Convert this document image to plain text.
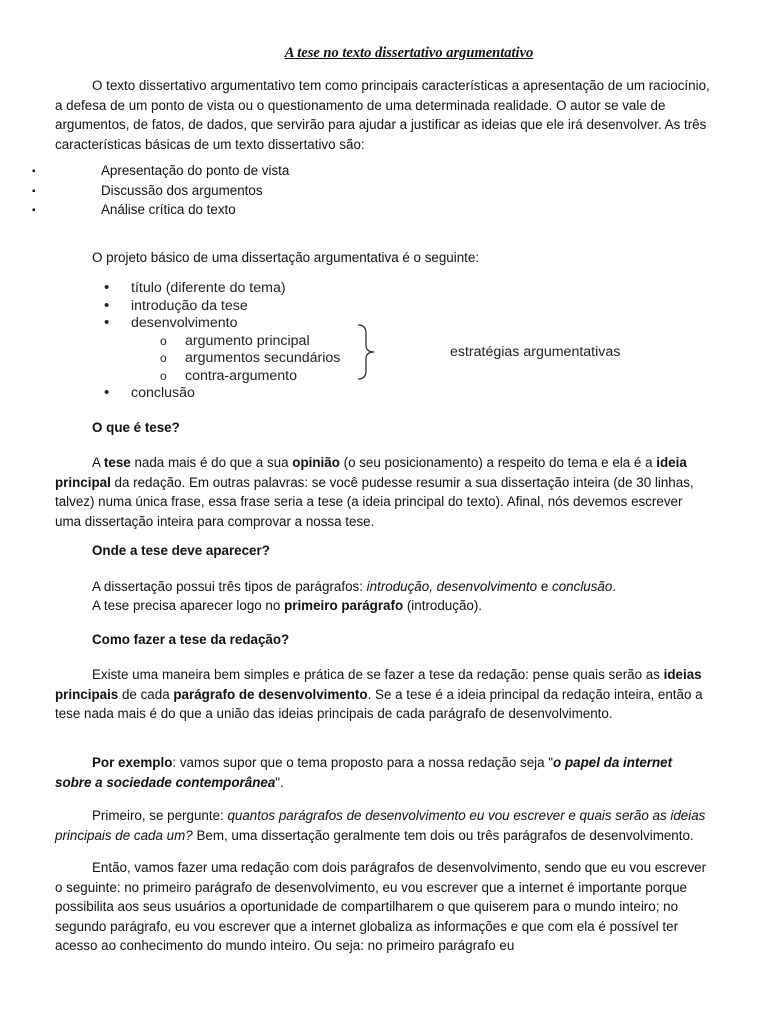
A tese no texto dissertativo argumentativo

O texto dissertativo argumentativo tem como principais características a apresentação de um raciocínio, a defesa de um ponto de vista ou o questionamento de uma determinada realidade. O autor se vale de argumentos, de fatos, de dados, que servirão para ajudar a justificar as ideias que ele irá desenvolver. As três características básicas de um texto dissertativo são:

▪	Apresentação do ponto de vista
▪	Discussão dos argumentos
▪	Análise crítica do texto

O projeto básico de uma dissertação argumentativa é o seguinte:

• título (diferente do tema)
• introdução da tese
• desenvolvimento
o argumento principal
o argumentos secundários
o contra-argumento
• conclusão
estratégias argumentativas

O que é tese?

A tese nada mais é do que a sua opinião (o seu posicionamento) a respeito do tema e ela é a ideia principal da redação. Em outras palavras: se você pudesse resumir a sua dissertação inteira (de 30 linhas, talvez) numa única frase, essa frase seria a tese (a ideia principal do texto). Afinal, nós devemos escrever uma dissertação inteira para comprovar a nossa tese.

Onde a tese deve aparecer?

A dissertação possui três tipos de parágrafos: introdução, desenvolvimento e conclusão.

A tese precisa aparecer logo no primeiro parágrafo (introdução).

Como fazer a tese da redação?

Existe uma maneira bem simples e prática de se fazer a tese da redação: pense quais serão as ideias principais de cada parágrafo de desenvolvimento. Se a tese é a ideia principal da redação inteira, então a tese nada mais é do que a união das ideias principais de cada parágrafo de desenvolvimento.

Por exemplo: vamos supor que o tema proposto para a nossa redação seja "o papel da internet sobre a sociedade contemporânea".

Primeiro, se pergunte: quantos parágrafos de desenvolvimento eu vou escrever e quais serão as ideias principais de cada um? Bem, uma dissertação geralmente tem dois ou três parágrafos de desenvolvimento.

Então, vamos fazer uma redação com dois parágrafos de desenvolvimento, sendo que eu vou escrever o seguinte: no primeiro parágrafo de desenvolvimento, eu vou escrever que a internet é importante porque possibilita aos seus usuários a oportunidade de compartilharem o que quiserem para o mundo inteiro; no segundo parágrafo, eu vou escrever que a internet globaliza as informações e que com ela é possível ter acesso ao conhecimento do mundo inteiro. Ou seja: no primeiro parágrafo eu
